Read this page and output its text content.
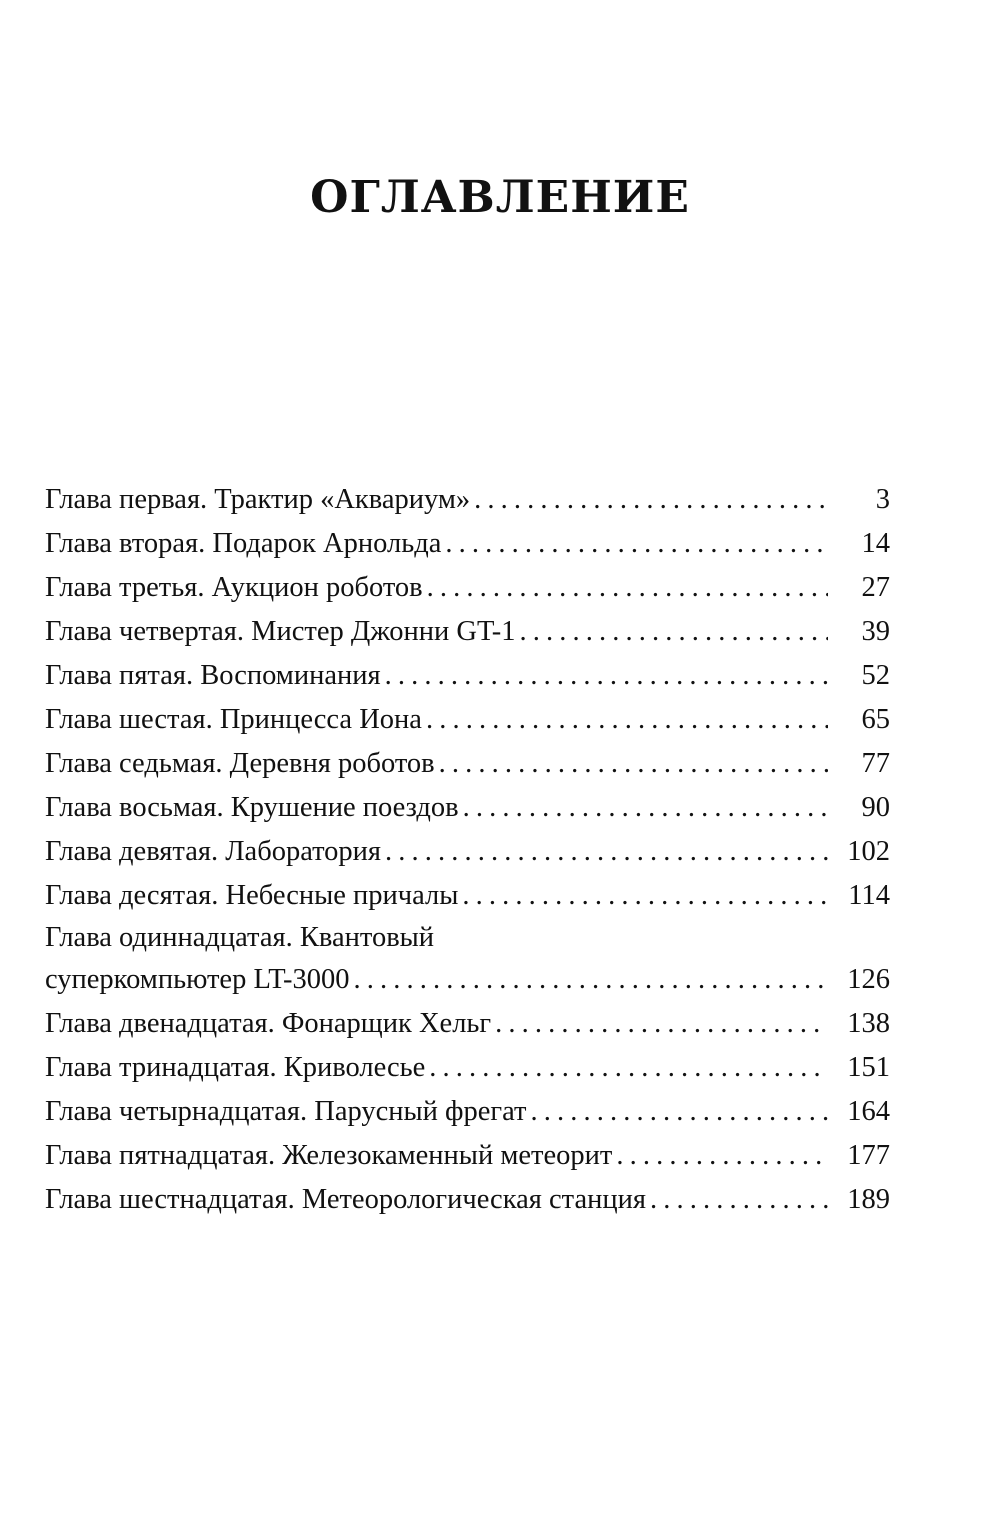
ОГЛАВЛЕНИЕ
Глава первая. Трактир «Аквариум» . . .	3
Глава вторая. Подарок Арнольда . . .	14
Глава третья. Аукцион роботов . . .	27
Глава четвертая. Мистер Джонни GT-1 . . .	39
Глава пятая. Воспоминания . . .	52
Глава шестая. Принцесса Иона . . .	65
Глава седьмая. Деревня роботов . . .	77
Глава восьмая. Крушение поездов . . .	90
Глава девятая. Лаборатория . . .	102
Глава десятая. Небесные причалы . . .	114
Глава одиннадцатая. Квантовый
суперкомпьютер LT-3000 . . .	126
Глава двенадцатая. Фонарщик Хельг . . .	138
Глава тринадцатая. Криволесье . . .	151
Глава четырнадцатая. Парусный фрегат . . .	164
Глава пятнадцатая. Железокаменный метеорит . . .	177
Глава шестнадцатая. Метеорологическая станция . . .	189
